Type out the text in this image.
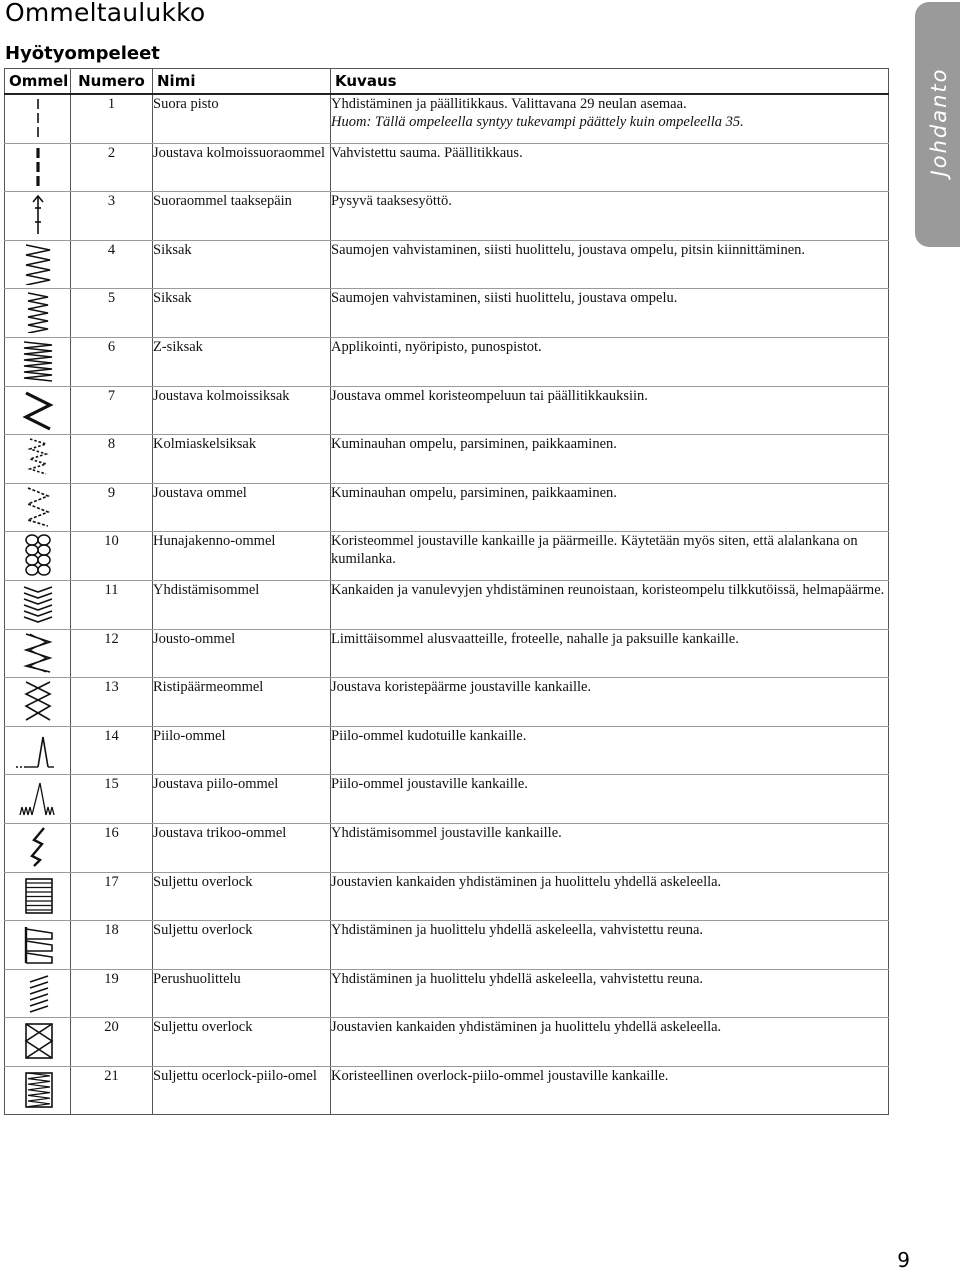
Ommeltaulukko
Hyötyompeleet
Johdanto
Ommel	Numero	Nimi	Kuvaus

	1	Suora pisto	Yhdistäminen ja päällitikkaus. Valittavana 29 neulan asemaa.
Huom: Tällä ompeleella syntyy tukevampi päättely kuin ompeleella 35.

	2	Joustava kolmoissuoraommel	Vahvistettu sauma. Päällitikkaus.

	3	Suoraommel taaksepäin	Pysyvä taaksesyöttö.

	4	Siksak	Saumojen vahvistaminen, siisti huolittelu, joustava ompelu, pitsin kiinnittäminen.

	5	Siksak	Saumojen vahvistaminen, siisti huolittelu, joustava ompelu.

	6	Z-siksak	Applikointi, nyöripisto, punospistot.

	7	Joustava kolmoissiksak	Joustava ommel koristeompeluun tai päällitikkauksiin.

	8	Kolmiaskelsiksak	Kuminauhan ompelu, parsiminen, paikkaaminen.

	9	Joustava ommel	Kuminauhan ompelu, parsiminen, paikkaaminen.

	10	Hunajakenno-ommel	Koristeommel joustaville kankaille ja päärmeille. Käytetään myös siten, että alalankana on kumilanka.

	11	Yhdistämisommel	Kankaiden ja vanulevyjen yhdistäminen reunoistaan, koristeompelu tilkkutöissä, helmapäärme.

	12	Jousto-ommel	Limittäisommel alusvaatteille, froteelle, nahalle ja paksuille kankaille.

	13	Ristipäärmeommel	Joustava koristepäärme joustaville kankaille.

	14	Piilo-ommel	Piilo-ommel kudotuille kankaille.

	15	Joustava piilo-ommel	Piilo-ommel joustaville kankaille.

	16	Joustava trikoo-ommel	Yhdistämisommel joustaville kankaille.

	17	Suljettu overlock	Joustavien kankaiden yhdistäminen ja huolittelu yhdellä askeleella.

	18	Suljettu overlock	Yhdistäminen ja huolittelu yhdellä askeleella, vahvistettu reuna.

	19	Perushuolittelu	Yhdistäminen ja huolittelu yhdellä askeleella, vahvistettu reuna.

	20	Suljettu overlock	Joustavien kankaiden yhdistäminen ja huolittelu yhdellä askeleella.

	21	Suljettu ocerlock-piilo-omel	Koristeellinen overlock-piilo-ommel joustaville kankaille.
9
